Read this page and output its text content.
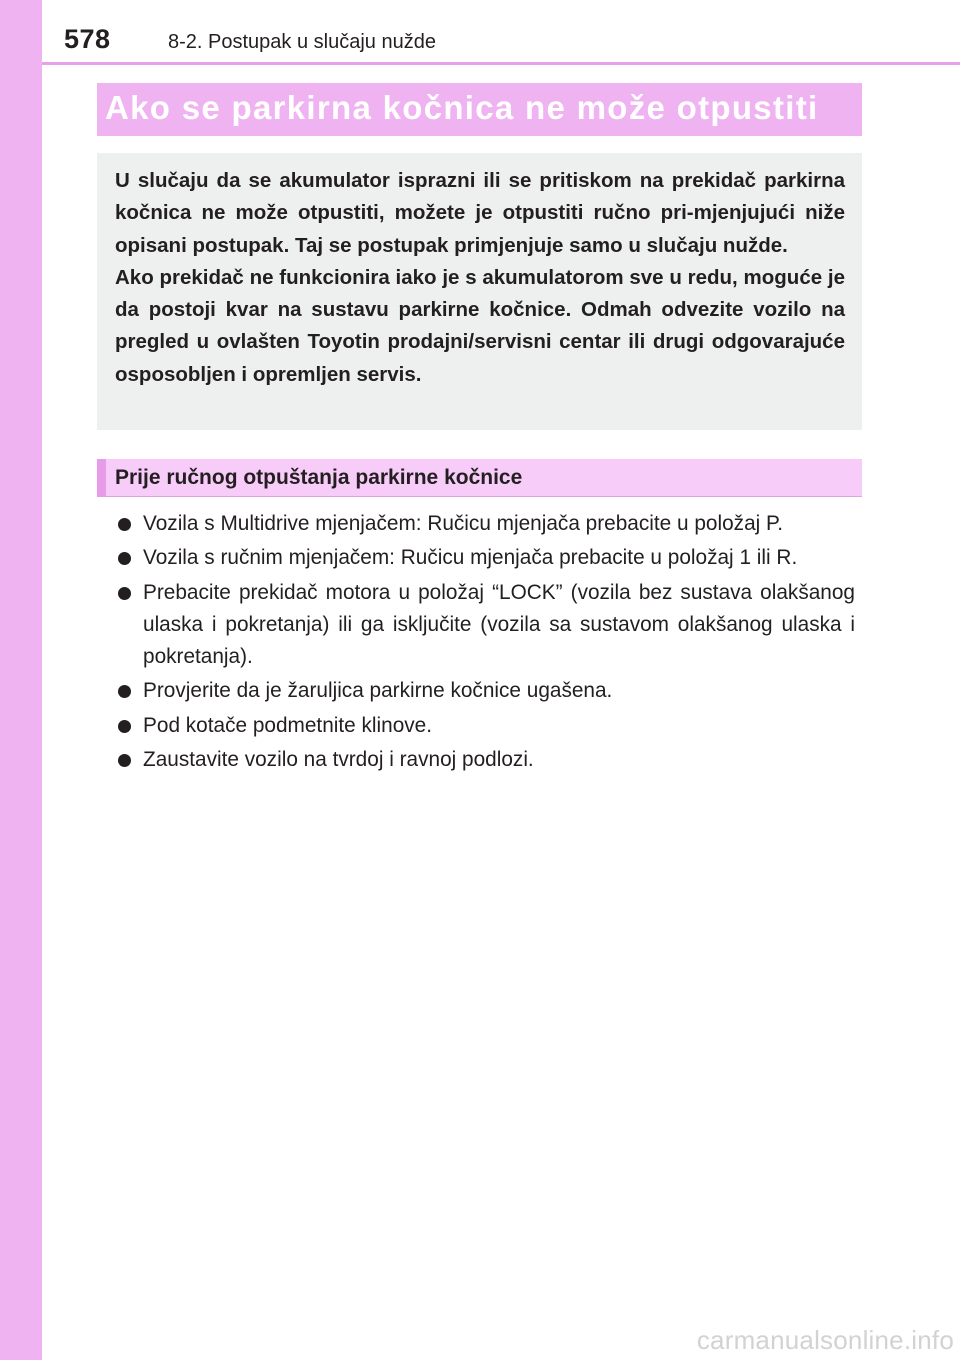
578	8-2. Postupak u slučaju nužde
Ako se parkirna kočnica ne može otpustiti

U slučaju da se akumulator isprazni ili se pritiskom na prekidač parkirna kočnica ne može otpustiti, možete je otpustiti ručno pri-mjenjujući niže opisani postupak. Taj se postupak primjenjuje samo u slučaju nužde.

Ako prekidač ne funkcionira iako je s akumulatorom sve u redu, moguće je da postoji kvar na sustavu parkirne kočnice. Odmah odvezite vozilo na pregled u ovlašten Toyotin prodajni/servisni centar ili drugi odgovarajuće osposobljen i opremljen servis.

Prije ručnog otpuštanja parkirne kočnice
Vozila s Multidrive mjenjačem: Ručicu mjenjača prebacite u položaj P.
Vozila s ručnim mjenjačem: Ručicu mjenjača prebacite u položaj 1 ili R.
Prebacite prekidač motora u položaj “LOCK” (vozila bez sustava olakšanog ulaska i pokretanja) ili ga isključite (vozila sa sustavom olakšanog ulaska i pokretanja).
Provjerite da je žaruljica parkirne kočnice ugašena.
Pod kotače podmetnite klinove.
Zaustavite vozilo na tvrdoj i ravnoj podlozi.
carmanualsonline.info
